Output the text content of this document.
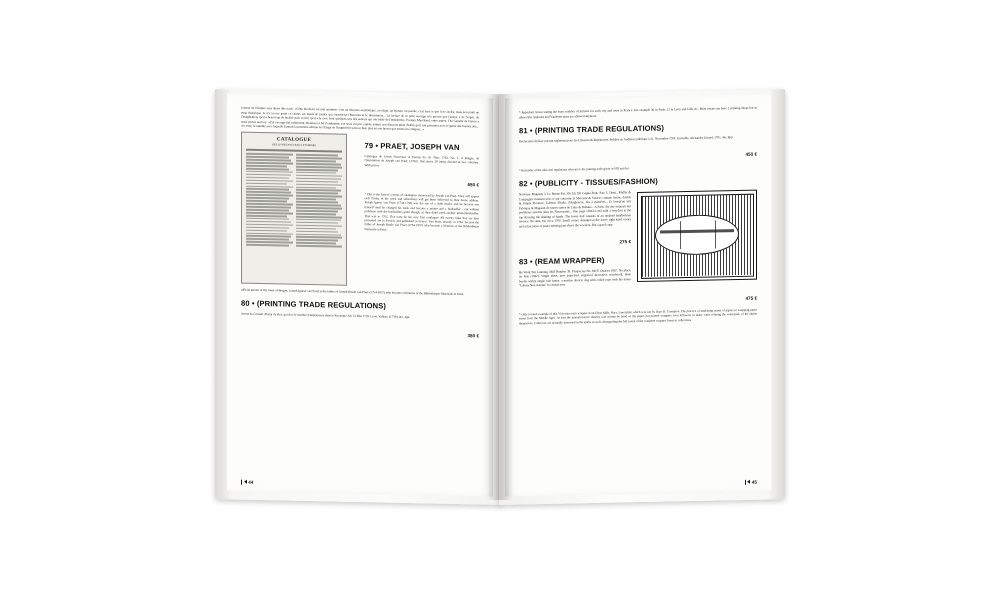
Journal de l'Empire says about this work: «Cette brochure est mal nommée: c'est un discours académique, un éloge, un hymne, un poème, c'est tout ce que l'on voudra; mais non point un essai historique. Je n'y trouve point ce calme, cet esprit de justice qui caractérise l'historien et le dissertateur... La lecture de ce petit ouvrage m'a prouvé que l'auteur a de l'esprit, de l'imagination, qu'il a beaucoup de facilité pour écrire; qu'il a lu avec fruit quelques-uns des auteurs qui ont traité de l'imprimerie, Prosper Marchand, entre autres. The Gazette de France a aussi portée aud ury: «Cet ouvrage fait infiniment d'honneur à M. Porthmann; son style est pur, rapide, animé; son discours plein d'idées qu'il sait présenter avec le génie des bonnes arts... Au reste, la rapidité avec laquelle il paraît la première édition de l'Éloge de l'Imprimerie prouve bien plus en son faveur que toutes les critiques...»

CATALOGUE
DES LIVRES NOUVEAUX ET PERMIS	79 • PRAET, JOSEPH VAN

Catalogue de Livres Nouveaux et Permis du 10. Thor. 1762. No. 1. A Bruges, de l'imprimerie de Joseph van Praet, (1762). One sheet, 30 items divided in two columns. With prices.

650 €

* This is the first of a series of catalogues announced by Joseph van Praet. They will appear each Friday of the week and subscribers will get them delivered to their home address. Joseph Igneur van Praet (1734-1792) was the son of a cloth dealer, and he became one himself until he changed his trade and became a printer and a bookseller - not without problems with the booksellers guild though, as they didn't need another printer/bookseller. That was in 1762. This must be his very first catalogue! All twenty titles that are here presented are in French, and published in France. Van Praet, already in 1762, became the father of Joseph Basile van Praet (1754-1837) who became a librarian at the Bibliothèque Nationale in Paris.

official printer of the town of Bruges, Joseph Igneur van Praet is the father of Joseph Basile van Praet (1754-1837) who became a librarian at the Bibliothèque Nationale in Paris.

80 • (PRINTING TRADE REGULATIONS)

Arrest du Conseil d'Estat du Roy, qui fixe le nombre d'imprimeurs dans le Royaume. Du 31 Mai 1739. Lyon, Valfray, (1739), 4to, 4pp.

380 €
44

* Important Arrest stating the exact number of printers for each city and town in France. For example 36 in Paris, 12 in Lyon and Lille etc. Most towns can have 2 printing shops but in others like Amboise and Vaudeuse none are allowed anymore.

81 • (PRINTING TRADE REGULATIONS)

Déclaration du Roy portant réglement pour les Libraires & Imprimeurs. Publiée en Audience publique à 21. Novembre 1700. Grenoble, Alexandre Giroud, 1701, 4to, 8pp.

450 €

* Reminder of the rules and regulations relevant to the printing trade given in VIII articles.

82 • (PUBLICITY - TISSUES/FASHION)

Nouveau Magasin, à La Bonne-Foi, Où Un Dit Gagne-Petit, Part 5, Desti., Muller & Compagnie tiennent tout ce qui concerne la Mercerie & Soierie, comme Satins, double & simple Florence, Taffetas d'Italie, d'Angleterre, des à manières... Et lorsqu'on suit Fabrique & Magasin de toutes sortes de Cuirs & Rubans... A Paris. By one toujours des premières assortis dans les Nouveautés... One page 118x24 cm) with a woodcut at the top showing the shaking of hands. The lower half consists of an undated handwritten invoice. No date, but circa 1700. Small corner damaged at the lower right hand corner and a tiny piece of paper missing just above the woodcut. But a good copy.

275 €
83 • (REAM WRAPPER)

By Work Not Cunning. Mill Number 39. Prospectus No. 8415! Quarter 1867. No place, no date (1867). Single sheet, now paperised, engraved decorative woodwork, linen border within single rule frame, a mortise device/ dog with coiled rope with the motto "Labore Non Astutia" in central area.

475 €

* Only located example of this Victorian ream wrapper from Elton Mills, Bury, Lancashire which was run by Isaac R. Crompton. The practice of marketing reams of papers in wrapping paper stems from the Middle Ages. At first the manufacturer's identity was written by hand on the paper, but printed wrappers soon followed, in many cases echoing the watermark of the sheets themselves. Collectors are normally interested in the marks as such, disregarding the full extent of the complete wrapper. Items in collections

45
